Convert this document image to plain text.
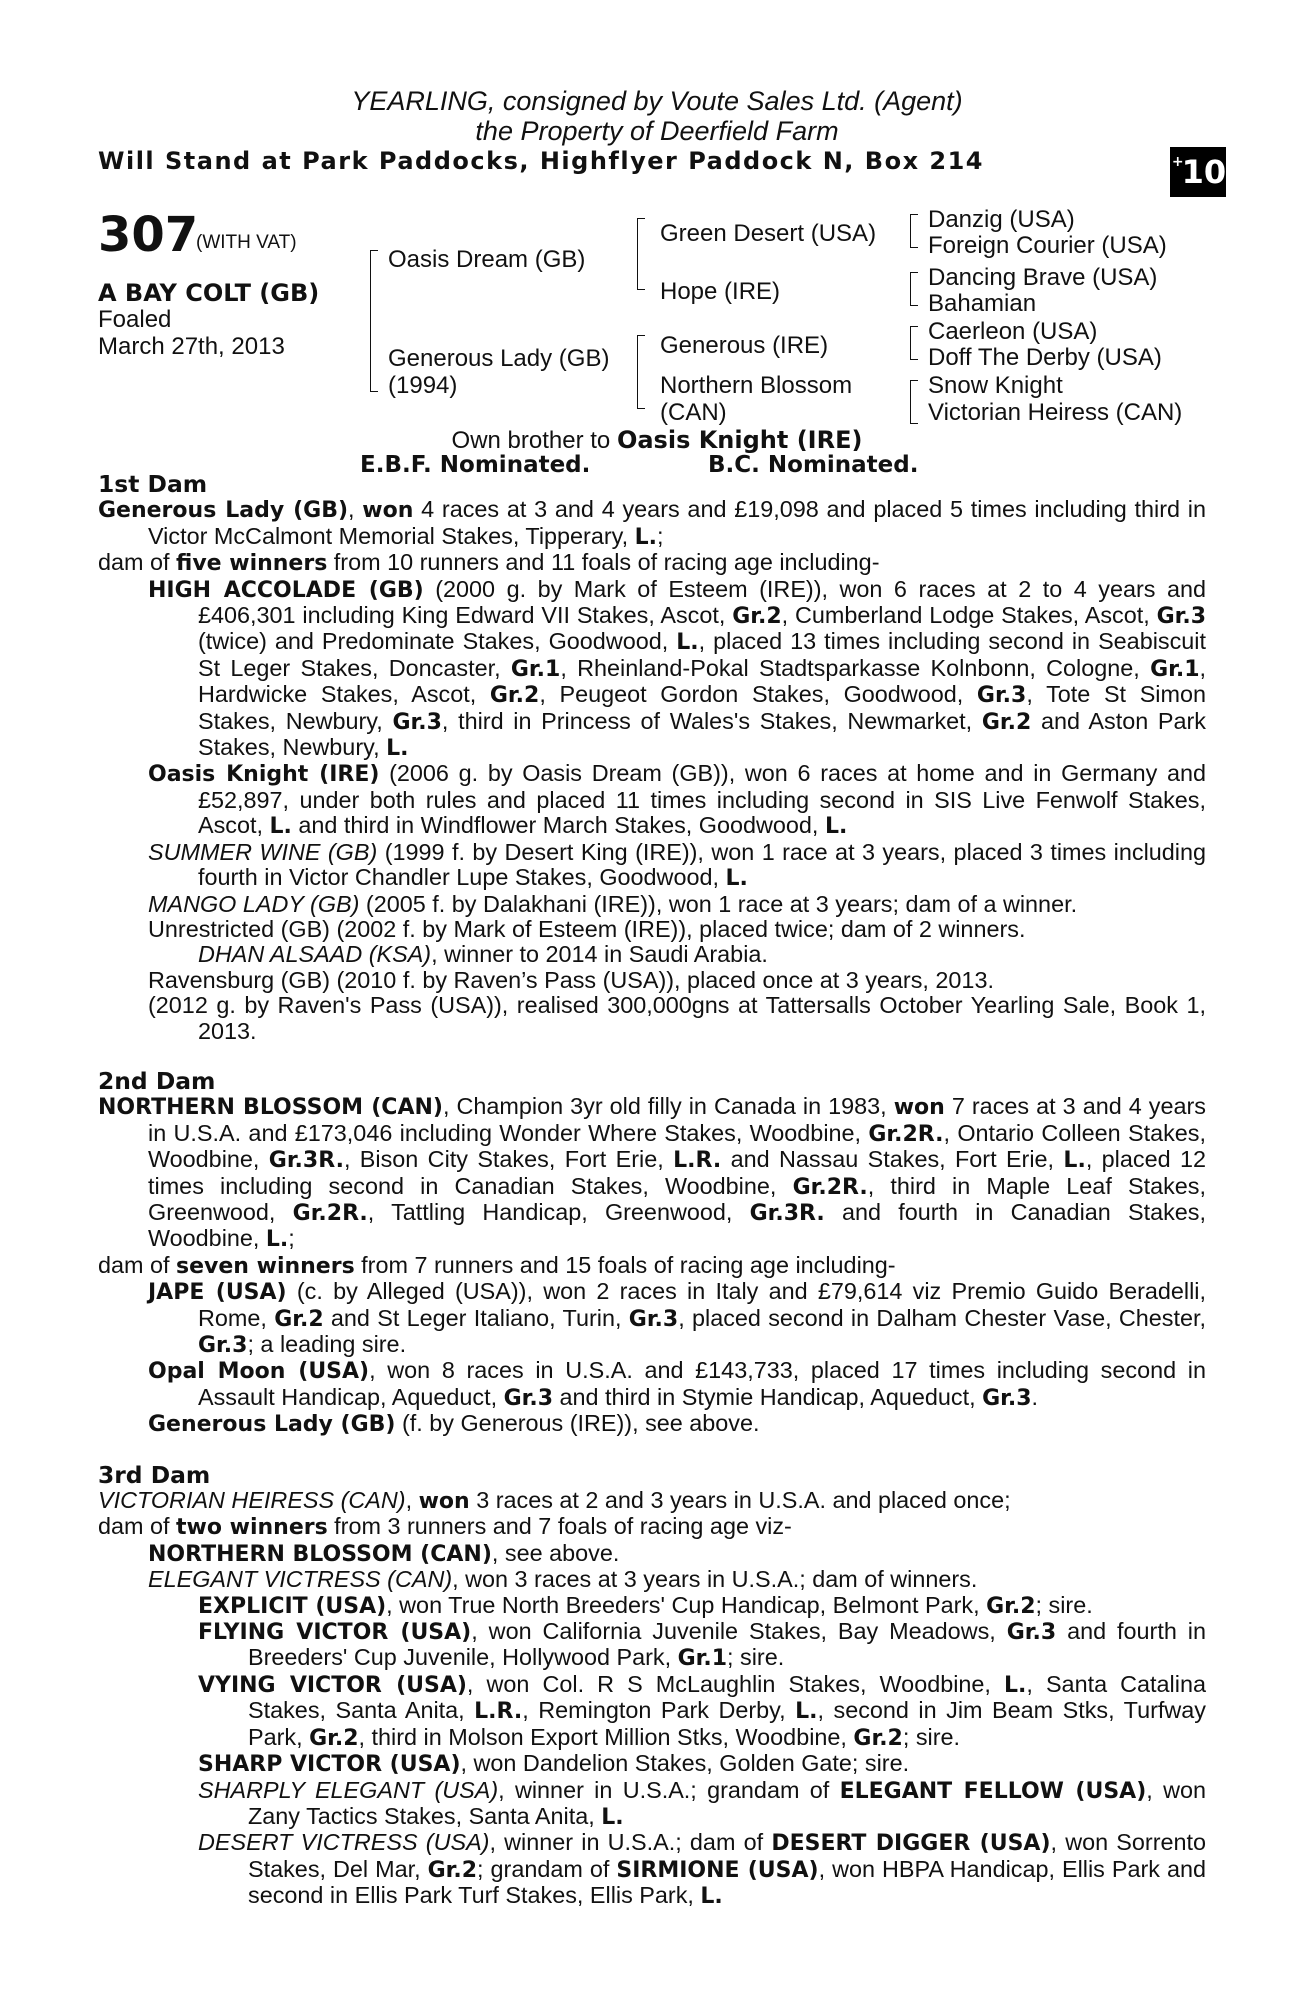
YEARLING, consigned by Voute Sales Ltd. (Agent)
the Property of Deerfield Farm
Will Stand at Park Paddocks, Highflyer Paddock N, Box 214	+
10
307
(WITH VAT)
A BAY COLT (GB)
Foaled
March 27th, 2013
Oasis Dream (GB)
Generous Lady (GB)
(1994)
Green Desert (USA)
Hope (IRE)
Generous (IRE)
Northern Blossom
(CAN)
Danzig (USA)
Foreign Courier (USA)
Dancing Brave (USA)
Bahamian
Caerleon (USA)
Doff The Derby (USA)
Snow Knight
Victorian Heiress (CAN)
Own brother to Oasis Knight (IRE)
E.B.F. Nominated.	B.C. Nominated.

1st Dam

Generous Lady (GB), won 4 races at 3 and 4 years and £19,098 and placed 5 times including third in Victor McCalmont Memorial Stakes, Tipperary, L.;

dam of five winners from 10 runners and 11 foals of racing age including-

HIGH ACCOLADE (GB) (2000 g. by Mark of Esteem (IRE)), won 6 races at 2 to 4 years and £406,301 including King Edward VII Stakes, Ascot, Gr.2, Cumberland Lodge Stakes, Ascot, Gr.3 (twice) and Predominate Stakes, Goodwood, L., placed 13 times including second in Seabiscuit St Leger Stakes, Doncaster, Gr.1, Rheinland-Pokal Stadtsparkasse Kolnbonn, Cologne, Gr.1, Hardwicke Stakes, Ascot, Gr.2, Peugeot Gordon Stakes, Goodwood, Gr.3, Tote St Simon Stakes, Newbury, Gr.3, third in Princess of Wales's Stakes, Newmarket, Gr.2 and Aston Park Stakes, Newbury, L.

Oasis Knight (IRE) (2006 g. by Oasis Dream (GB)), won 6 races at home and in Germany and £52,897, under both rules and placed 11 times including second in SIS Live Fenwolf Stakes, Ascot, L. and third in Windflower March Stakes, Goodwood, L.

SUMMER WINE (GB) (1999 f. by Desert King (IRE)), won 1 race at 3 years, placed 3 times including fourth in Victor Chandler Lupe Stakes, Goodwood, L.

MANGO LADY (GB) (2005 f. by Dalakhani (IRE)), won 1 race at 3 years; dam of a winner.

Unrestricted (GB) (2002 f. by Mark of Esteem (IRE)), placed twice; dam of 2 winners.

DHAN ALSAAD (KSA), winner to 2014 in Saudi Arabia.

Ravensburg (GB) (2010 f. by Raven’s Pass (USA)), placed once at 3 years, 2013.

(2012 g. by Raven's Pass (USA)), realised 300,000gns at Tattersalls October Yearling Sale, Book 1, 2013.

2nd Dam

NORTHERN BLOSSOM (CAN), Champion 3yr old filly in Canada in 1983, won 7 races at 3 and 4 years in U.S.A. and £173,046 including Wonder Where Stakes, Woodbine, Gr.2R., Ontario Colleen Stakes, Woodbine, Gr.3R., Bison City Stakes, Fort Erie, L.R. and Nassau Stakes, Fort Erie, L., placed 12 times including second in Canadian Stakes, Woodbine, Gr.2R., third in Maple Leaf Stakes, Greenwood, Gr.2R., Tattling Handicap, Greenwood, Gr.3R. and fourth in Canadian Stakes, Woodbine, L.;

dam of seven winners from 7 runners and 15 foals of racing age including-

JAPE (USA) (c. by Alleged (USA)), won 2 races in Italy and £79,614 viz Premio Guido Beradelli, Rome, Gr.2 and St Leger Italiano, Turin, Gr.3, placed second in Dalham Chester Vase, Chester, Gr.3; a leading sire.

Opal Moon (USA), won 8 races in U.S.A. and £143,733, placed 17 times including second in Assault Handicap, Aqueduct, Gr.3 and third in Stymie Handicap, Aqueduct, Gr.3.

Generous Lady (GB) (f. by Generous (IRE)), see above.

3rd Dam

VICTORIAN HEIRESS (CAN), won 3 races at 2 and 3 years in U.S.A. and placed once;

dam of two winners from 3 runners and 7 foals of racing age viz-

NORTHERN BLOSSOM (CAN), see above.

ELEGANT VICTRESS (CAN), won 3 races at 3 years in U.S.A.; dam of winners.

EXPLICIT (USA), won True North Breeders' Cup Handicap, Belmont Park, Gr.2; sire.

FLYING VICTOR (USA), won California Juvenile Stakes, Bay Meadows, Gr.3 and fourth in Breeders' Cup Juvenile, Hollywood Park, Gr.1; sire.

VYING VICTOR (USA), won Col. R S McLaughlin Stakes, Woodbine, L., Santa Catalina Stakes, Santa Anita, L.R., Remington Park Derby, L., second in Jim Beam Stks, Turfway Park, Gr.2, third in Molson Export Million Stks, Woodbine, Gr.2; sire.

SHARP VICTOR (USA), won Dandelion Stakes, Golden Gate; sire.

SHARPLY ELEGANT (USA), winner in U.S.A.; grandam of ELEGANT FELLOW (USA), won Zany Tactics Stakes, Santa Anita, L.

DESERT VICTRESS (USA), winner in U.S.A.; dam of DESERT DIGGER (USA), won Sorrento Stakes, Del Mar, Gr.2; grandam of SIRMIONE (USA), won HBPA Handicap, Ellis Park and second in Ellis Park Turf Stakes, Ellis Park, L.
